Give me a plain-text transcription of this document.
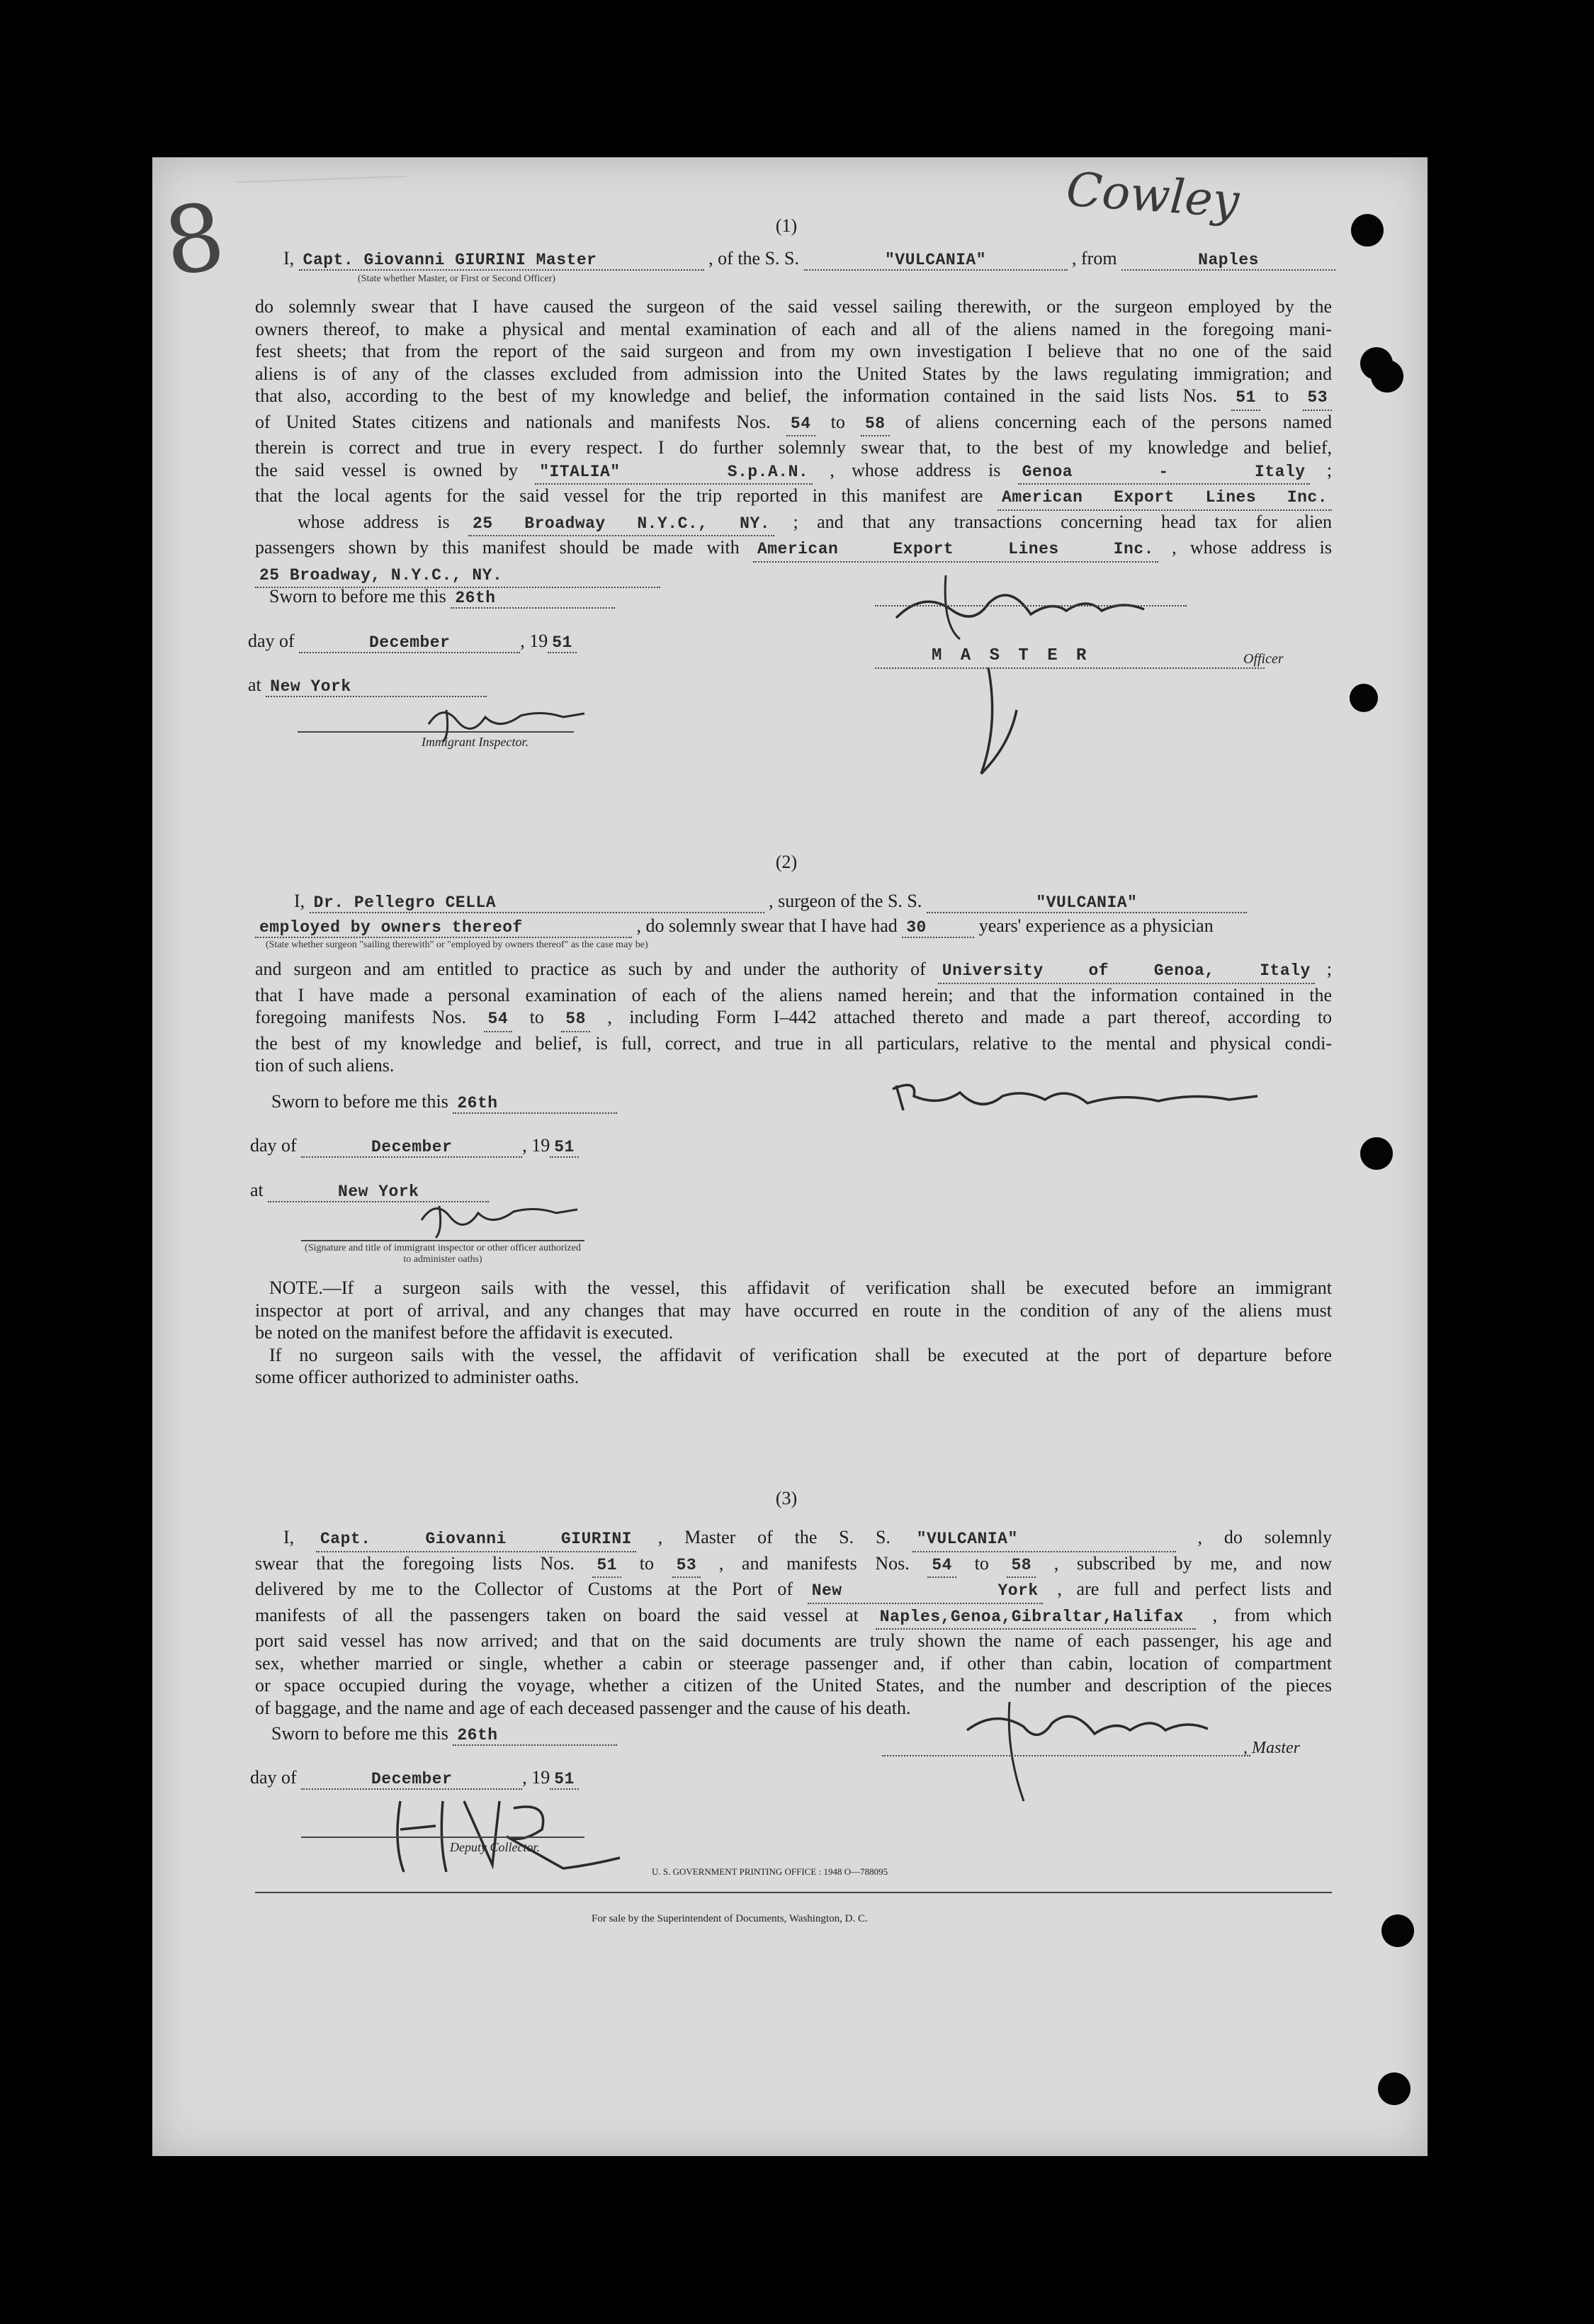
8	Cowley
(1)
I, Capt. Giovanni GIURINI Master	, of the S. S.	"VULCANIA"	, from	Naples
(State whether Master, or First or Second Officer)
do solemnly swear that I have caused the surgeon of the said vessel sailing therewith, or the surgeon employed by the
owners thereof, to make a physical and mental examination of each and all of the aliens named in the foregoing mani-
fest sheets; that from the report of the said surgeon and from my own investigation I believe that no one of the said
aliens is of any of the classes excluded from admission into the United States by the laws regulating immigration; and
that also, according to the best of my knowledge and belief, the information contained in the said lists Nos. 51 to 53
of United States citizens and nationals and manifests Nos. 54 to 58 of aliens concerning each of the persons named
therein is correct and true in every respect. I do further solemnly swear that, to the best of my knowledge and belief,
the said vessel is owned by "ITALIA" S.p.A.N. , whose address is Genoa - Italy ;
that the local agents for the said vessel for the trip reported in this manifest are American Export Lines Inc.
whose address is 25 Broadway N.Y.C., NY. ; and that any transactions concerning head tax for alien
passengers shown by this manifest should be made with American Export Lines Inc. , whose address is
25 Broadway, N.Y.C., NY.
Sworn to before me this 26th
day of	December	, 19 51
at New York
Immigrant Inspector.
M A S T E R	Officer
(2)
I, Dr. Pellegro CELLA	, surgeon of the S. S.	"VULCANIA"
employed by owners thereof	, do solemnly swear that I have had 30	years' experience as a physician
(State whether surgeon "sailing therewith" or "employed by owners thereof" as the case may be)
and surgeon and am entitled to practice as such by and under the authority of University of Genoa, Italy ;
that I have made a personal examination of each of the aliens named herein; and that the information contained in the
foregoing manifests Nos. 54 to 58 , including Form I–442 attached thereto and made a part thereof, according to
the best of my knowledge and belief, is full, correct, and true in all particulars, relative to the mental and physical condi-
tion of such aliens.
Sworn to before me this 26th
day of	December	, 19 51
at	New York
(Signature and title of immigrant inspector or other officer authorized to administer oaths)
NOTE.—If a surgeon sails with the vessel, this affidavit of verification shall be executed before an immigrant
inspector at port of arrival, and any changes that may have occurred en route in the condition of any of the aliens must
be noted on the manifest before the affidavit is executed.
If no surgeon sails with the vessel, the affidavit of verification shall be executed at the port of departure before
some officer authorized to administer oaths.
(3)
I, Capt. Giovanni GIURINI , Master of the S. S. "VULCANIA"	, do solemnly
swear that the foregoing lists Nos. 51 to 53 , and manifests Nos. 54 to 58 , subscribed by me, and now
delivered by me to the Collector of Customs at the Port of New York , are full and perfect lists and
manifests of all the passengers taken on board the said vessel at Naples,Genoa,Gibraltar,Halifax , from which
port said vessel has now arrived; and that on the said documents are truly shown the name of each passenger, his age and
sex, whether married or single, whether a cabin or steerage passenger and, if other than cabin, location of compartment
or space occupied during the voyage, whether a citizen of the United States, and the number and description of the pieces
of baggage, and the name and age of each deceased passenger and the cause of his death.
Sworn to before me this 26th
day of	December	, 19 51
, Master
Deputy Collector.
U. S. GOVERNMENT PRINTING OFFICE : 1948 O—788095
For sale by the Superintendent of Documents, Washington, D. C.
